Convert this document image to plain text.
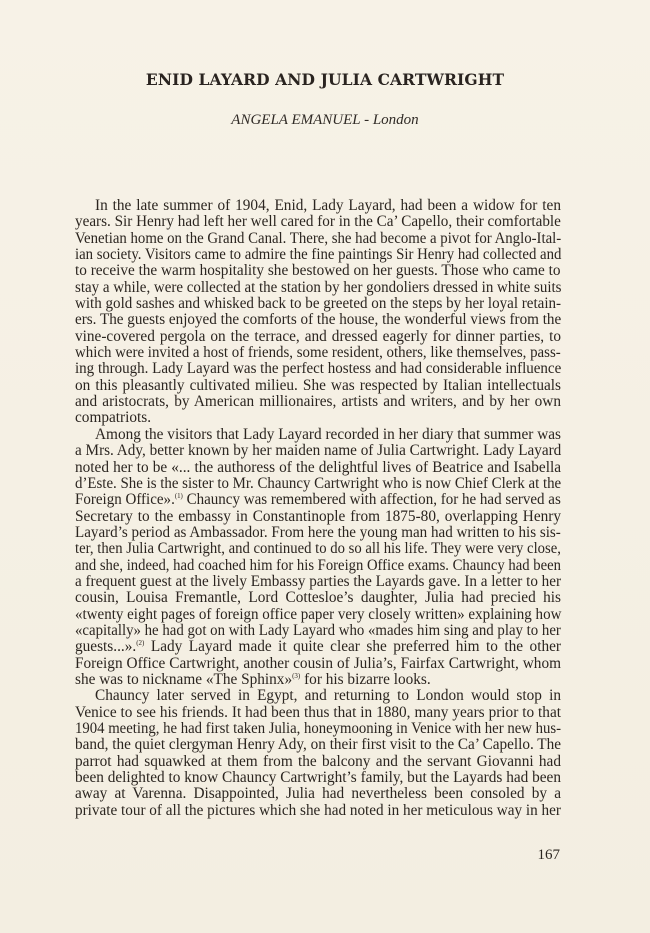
ENID LAYARD AND JULIA CARTWRIGHT
ANGELA EMANUEL - London
In the late summer of 1904, Enid, Lady Layard, had been a widow for ten
years. Sir Henry had left her well cared for in the Ca’ Capello, their comfortable
Venetian home on the Grand Canal. There, she had become a pivot for Anglo-Ital-
ian society. Visitors came to admire the fine paintings Sir Henry had collected and
to receive the warm hospitality she bestowed on her guests. Those who came to
stay a while, were collected at the station by her gondoliers dressed in white suits
with gold sashes and whisked back to be greeted on the steps by her loyal retain-
ers. The guests enjoyed the comforts of the house, the wonderful views from the
vine-covered pergola on the terrace, and dressed eagerly for dinner parties, to
which were invited a host of friends, some resident, others, like themselves, pass-
ing through. Lady Layard was the perfect hostess and had considerable influence
on this pleasantly cultivated milieu. She was respected by Italian intellectuals
and aristocrats, by American millionaires, artists and writers, and by her own
compatriots.
Among the visitors that Lady Layard recorded in her diary that summer was
a Mrs. Ady, better known by her maiden name of Julia Cartwright. Lady Layard
noted her to be «... the authoress of the delightful lives of Beatrice and Isabella
d’Este. She is the sister to Mr. Chauncy Cartwright who is now Chief Clerk at the
Foreign Office».$^{(1)}$ Chauncy was remembered with affection, for he had served as
Secretary to the embassy in Constantinople from 1875-80, overlapping Henry
Layard’s period as Ambassador. From here the young man had written to his sis-
ter, then Julia Cartwright, and continued to do so all his life. They were very close,
and she, indeed, had coached him for his Foreign Office exams. Chauncy had been
a frequent guest at the lively Embassy parties the Layards gave. In a letter to her
cousin, Louisa Fremantle, Lord Cottesloe’s daughter, Julia had precied his
«twenty eight pages of foreign office paper very closely written» explaining how
«capitally» he had got on with Lady Layard who «mades him sing and play to her
guests...».$^{(2)}$ Lady Layard made it quite clear she preferred him to the other
Foreign Office Cartwright, another cousin of Julia’s, Fairfax Cartwright, whom
she was to nickname «The Sphinx»$^{(3)}$ for his bizarre looks.
Chauncy later served in Egypt, and returning to London would stop in
Venice to see his friends. It had been thus that in 1880, many years prior to that
1904 meeting, he had first taken Julia, honeymooning in Venice with her new hus-
band, the quiet clergyman Henry Ady, on their first visit to the Ca’ Capello. The
parrot had squawked at them from the balcony and the servant Giovanni had
been delighted to know Chauncy Cartwright’s family, but the Layards had been
away at Varenna. Disappointed, Julia had nevertheless been consoled by a
private tour of all the pictures which she had noted in her meticulous way in her
167
